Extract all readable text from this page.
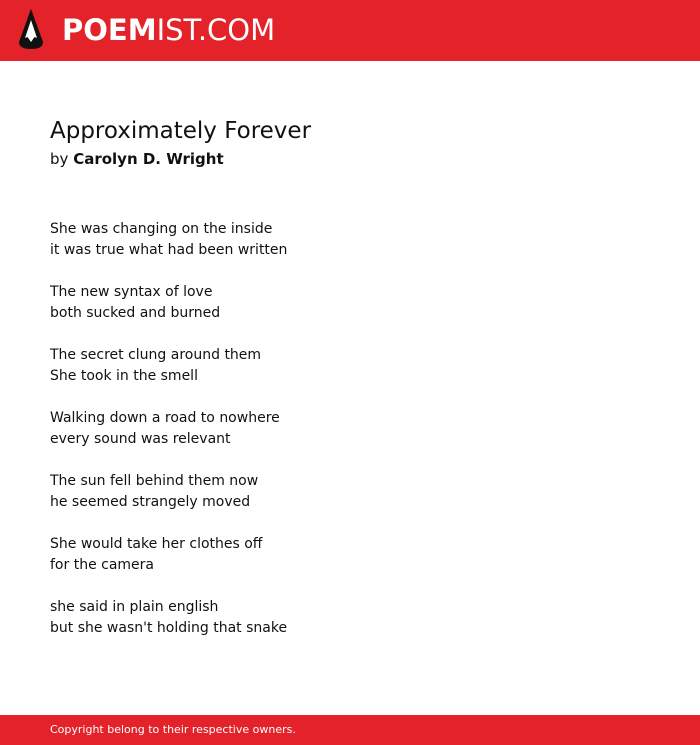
POEMIST.COM
Approximately Forever
by Carolyn D. Wright
She was changing on the inside
it was true what had been written
The new syntax of love
both sucked and burned
The secret clung around them
She took in the smell
Walking down a road to nowhere
every sound was relevant
The sun fell behind them now
he seemed strangely moved
She would take her clothes off
for the camera
she said in plain english
but she wasn't holding that snake
Copyright belong to their respective owners.
